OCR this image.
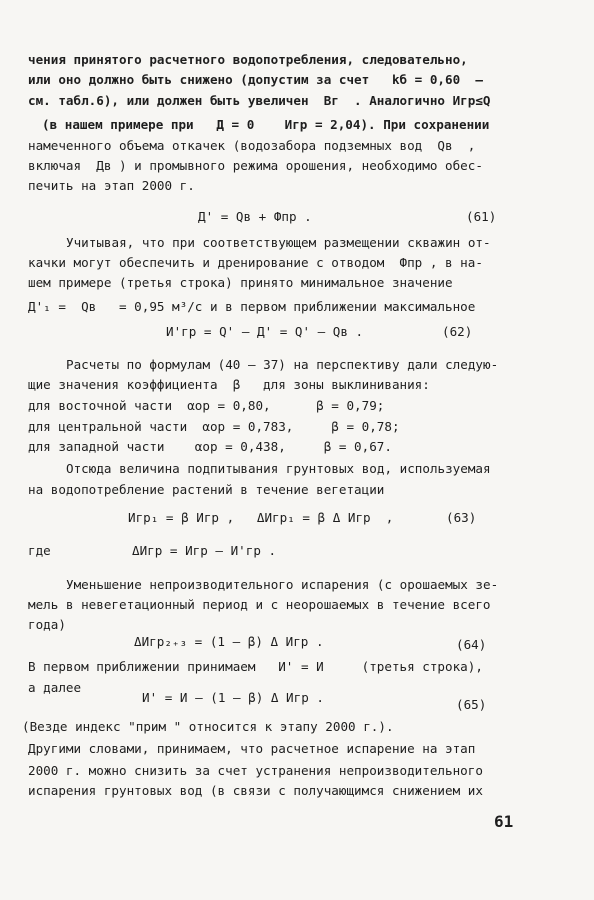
чения принятого расчетного водопотребления, следовательно,
или оно должно быть снижено (допустим за счет   kб = 0,60  –
см. табл.6), или должен быть увеличен  Вг  . Аналогично Игр≤Q
(в нашем примере при   Д = 0    Игр = 2,04). При сохранении
намеченного объема откачек (водозабора подземных вод  Qв  ,
включая  Дв ) и промывного режима орошения, необходимо обес-
печить на этап 2000 г.
Д' = Qв + Фпр .	(61)
Учитывая, что при соответствующем размещении скважин от-
качки могут обеспечить и дренирование с отводом  Фпр , в на-
шем примере (третья строка) принято минимальное значение
Д'₁ =  Qв   = 0,95 м³/с и в первом приближении максимальное
И'гр = Q' – Д' = Q' – Qв .	(62)
Расчеты по формулам (40 – 37) на перспективу дали следую-
щие значения коэффициента  β   для зоны выклинивания:
для восточной части  αор = 0,80,      β = 0,79;
для центральной части  αор = 0,783,     β = 0,78;
для западной части    αор = 0,438,     β = 0,67.
Отсюда величина подпитывания грунтовых вод, используемая
на водопотребление растений в течение вегетации
Игр₁ = β Игр ,   ΔИгр₁ = β Δ Игр  ,	(63)
где	ΔИгр = Игр – И'гр .
Уменьшение непроизводительного испарения (с орошаемых зе-
мель в невегетационный период и с неорошаемых в течение всего
года)
ΔИгр₂₊₃ = (1 – β) Δ Игр .	(64)
В первом приближении принимаем   И' = И     (третья строка),
а далее
И' = И – (1 – β) Δ Игр .	(65)
(Везде индекс "прим " относится к этапу 2000 г.).
Другими словами, принимаем, что расчетное испарение на этап
2000 г. можно снизить за счет устранения непроизводительного
испарения грунтовых вод (в связи с получающимся снижением их
61
